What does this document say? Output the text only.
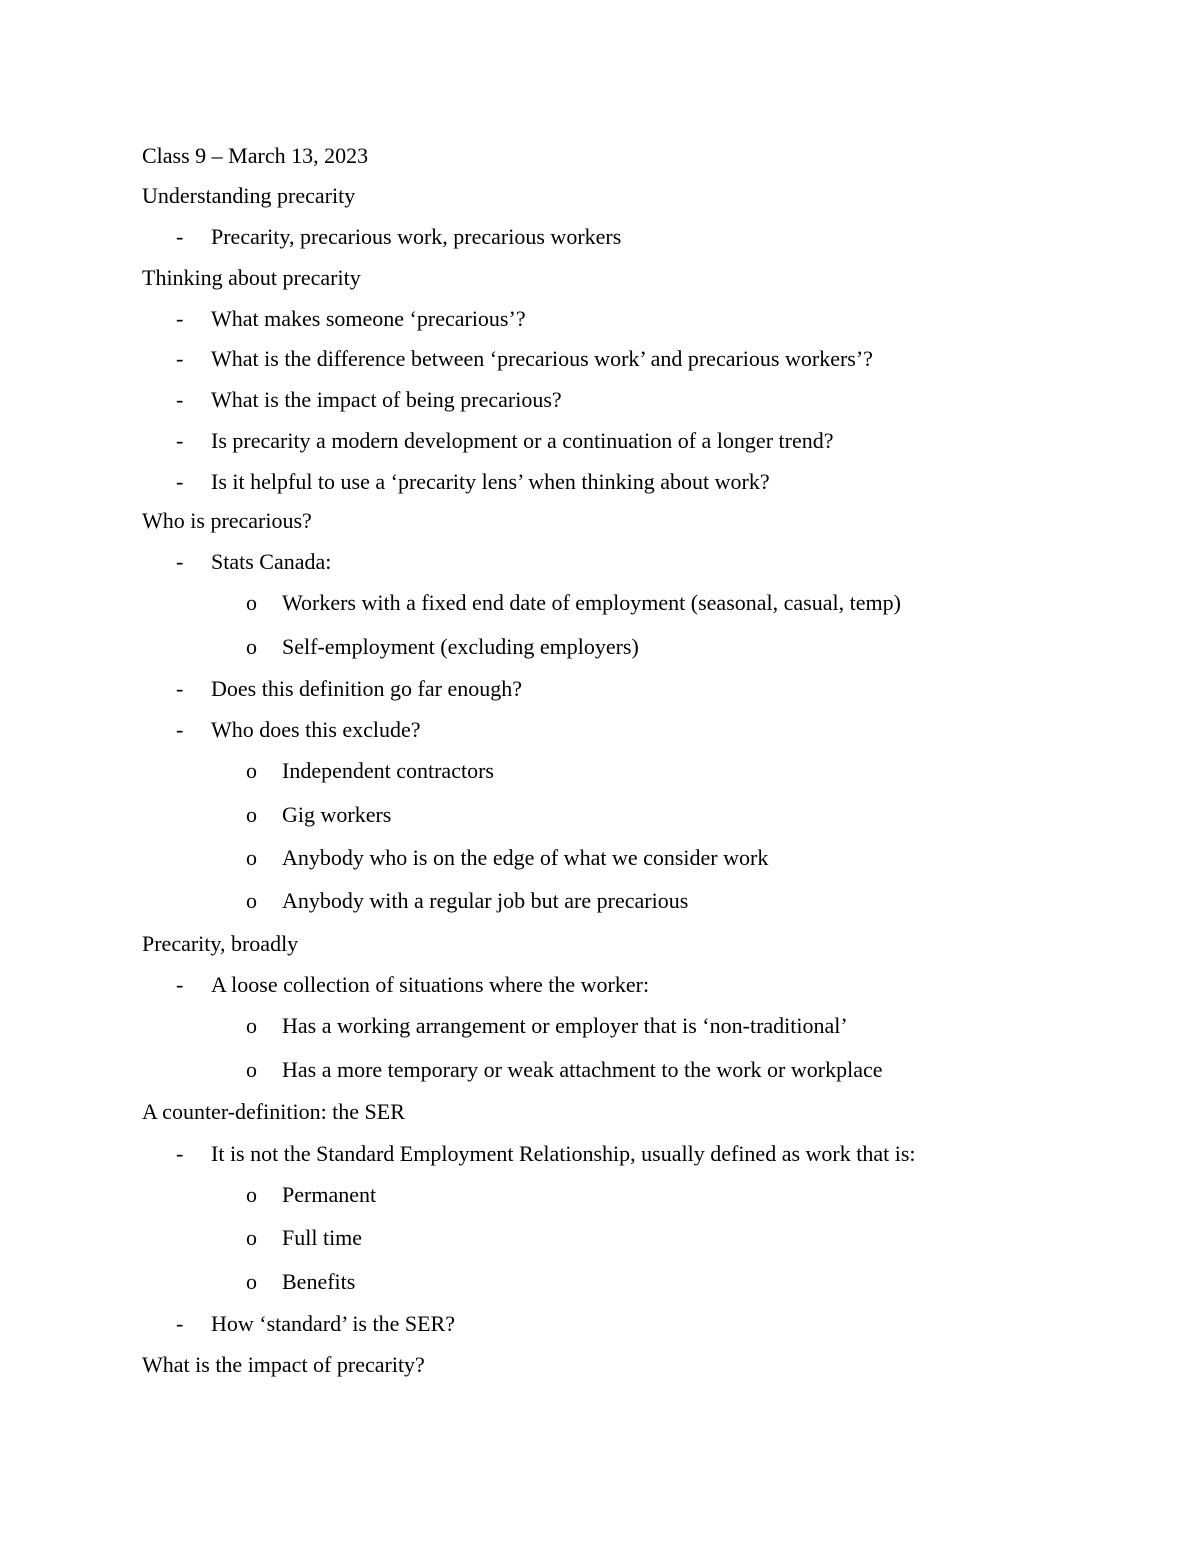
Class 9 – March 13, 2023
Understanding precarity
- Precarity, precarious work, precarious workers
Thinking about precarity
- What makes someone ‘precarious’?
- What is the difference between ‘precarious work’ and precarious workers’?
- What is the impact of being precarious?
- Is precarity a modern development or a continuation of a longer trend?
- Is it helpful to use a ‘precarity lens’ when thinking about work?
Who is precarious?
- Stats Canada:
o Workers with a fixed end date of employment (seasonal, casual, temp)
o Self-employment (excluding employers)
- Does this definition go far enough?
- Who does this exclude?
o Independent contractors
o Gig workers
o Anybody who is on the edge of what we consider work
o Anybody with a regular job but are precarious
Precarity, broadly
- A loose collection of situations where the worker:
o Has a working arrangement or employer that is ‘non-traditional’
o Has a more temporary or weak attachment to the work or workplace
A counter-definition: the SER
- It is not the Standard Employment Relationship, usually defined as work that is:
o Permanent
o Full time
o Benefits
- How ‘standard’ is the SER?
What is the impact of precarity?
